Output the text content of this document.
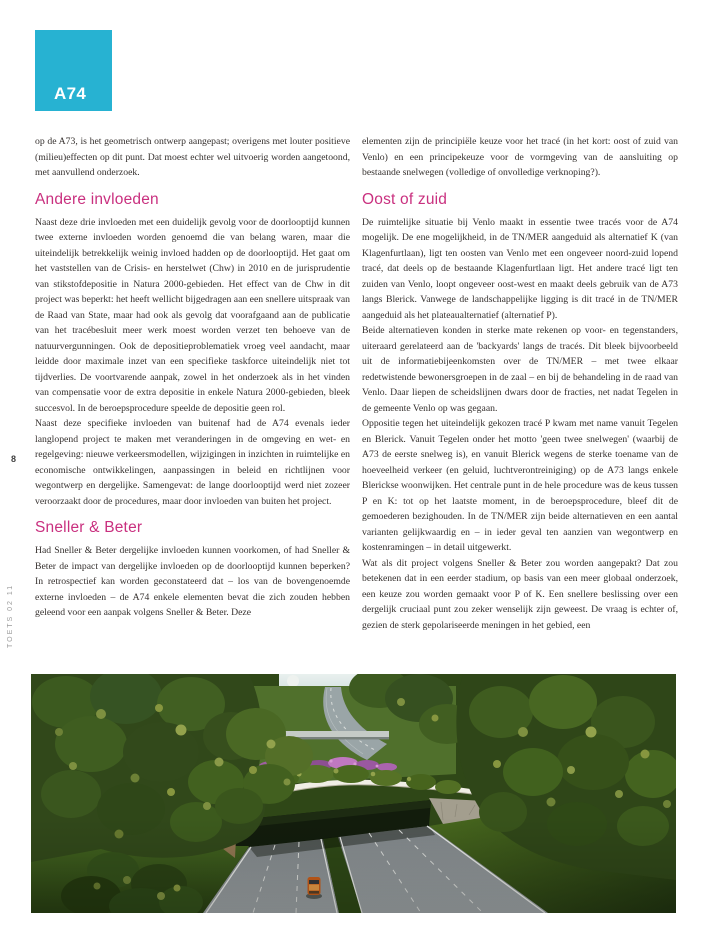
A74
8
TOETS 02 11

op de A73, is het geometrisch ontwerp aangepast; overigens met louter positieve (milieu)effecten op dit punt. Dat moest echter wel uitvoerig worden aangetoond, met aanvullend onderzoek.

Andere invloeden

Naast deze drie invloeden met een duidelijk gevolg voor de doorlooptijd kunnen twee externe invloeden worden genoemd die van belang waren, maar die uiteindelijk betrekkelijk weinig invloed hadden op de doorlooptijd. Het gaat om het vaststellen van de Crisis- en herstelwet (Chw) in 2010 en de jurisprudentie van stikstofdepositie in Natura 2000-gebieden. Het effect van de Chw in dit project was beperkt: het heeft wellicht bijgedragen aan een snellere uitspraak van de Raad van State, maar had ook als gevolg dat voorafgaand aan de publicatie van het tracébesluit meer werk moest worden verzet ten behoeve van de natuurvergunningen. Ook de depositieproblematiek vroeg veel aandacht, maar leidde door maximale inzet van een specifieke taskforce uiteindelijk niet tot tijdverlies. De voortvarende aanpak, zowel in het onderzoek als in het vinden van compensatie voor de extra depositie in enkele Natura 2000-gebieden, bleek succesvol. In de beroepsprocedure speelde de depositie geen rol.

Naast deze specifieke invloeden van buitenaf had de A74 evenals ieder langlopend project te maken met veranderingen in de omgeving en wet- en regelgeving: nieuwe verkeersmodellen, wijzigingen in inzichten in ruimtelijke en economische ontwikkelingen, aanpassingen in beleid en richtlijnen voor wegontwerp en dergelijke. Samengevat: de lange doorlooptijd werd niet zozeer veroorzaakt door de procedures, maar door invloeden van buiten het project.

Sneller & Beter

Had Sneller & Beter dergelijke invloeden kunnen voorkomen, of had Sneller & Beter de impact van dergelijke invloeden op de doorlooptijd kunnen beperken? In retrospectief kan worden geconstateerd dat – los van de bovengenoemde externe invloeden – de A74 enkele elementen bevat die zich zouden hebben geleend voor een aanpak volgens Sneller & Beter. Deze

elementen zijn de principiële keuze voor het tracé (in het kort: oost of zuid van Venlo) en een principekeuze voor de vormgeving van de aansluiting op bestaande snelwegen (volledige of onvolledige verknoping?).

Oost of zuid

De ruimtelijke situatie bij Venlo maakt in essentie twee tracés voor de A74 mogelijk. De ene mogelijkheid, in de TN/MER aangeduid als alternatief K (van Klagenfurtlaan), ligt ten oosten van Venlo met een ongeveer noord-zuid lopend tracé, dat deels op de bestaande Klagenfurtlaan ligt. Het andere tracé ligt ten zuiden van Venlo, loopt ongeveer oost-west en maakt deels gebruik van de A73 langs Blerick. Vanwege de landschappelijke ligging is dit tracé in de TN/MER aangeduid als het plateaualternatief (alternatief P).

Beide alternatieven konden in sterke mate rekenen op voor- en tegenstanders, uiteraard gerelateerd aan de 'backyards' langs de tracés. Dit bleek bijvoorbeeld uit de informatiebijeenkomsten over de TN/MER – met twee elkaar redetwistende bewonersgroepen in de zaal – en bij de behandeling in de raad van Venlo. Daar liepen de scheidslijnen dwars door de fracties, net nadat Tegelen in de gemeente Venlo op was gegaan.

Oppositie tegen het uiteindelijk gekozen tracé P kwam met name vanuit Tegelen en Blerick. Vanuit Tegelen onder het motto 'geen twee snelwegen' (waarbij de A73 de eerste snelweg is), en vanuit Blerick wegens de sterke toename van de hoeveelheid verkeer (en geluid, luchtverontreiniging) op de A73 langs enkele Blerickse woonwijken. Het centrale punt in de hele procedure was de keus tussen P en K: tot op het laatste moment, in de beroepsprocedure, bleef dit de gemoederen bezighouden. In de TN/MER zijn beide alternatieven en een aantal varianten gelijkwaardig en – in ieder geval ten aanzien van wegontwerp en kostenramingen – in detail uitgewerkt.

Wat als dit project volgens Sneller & Beter zou worden aangepakt? Dat zou betekenen dat in een eerder stadium, op basis van een meer globaal onderzoek, een keuze zou worden gemaakt voor P of K. Een snellere beslissing over een dergelijk cruciaal punt zou zeker wenselijk zijn geweest. De vraag is echter of, gezien de sterk gepolariseerde meningen in het gebied, een
